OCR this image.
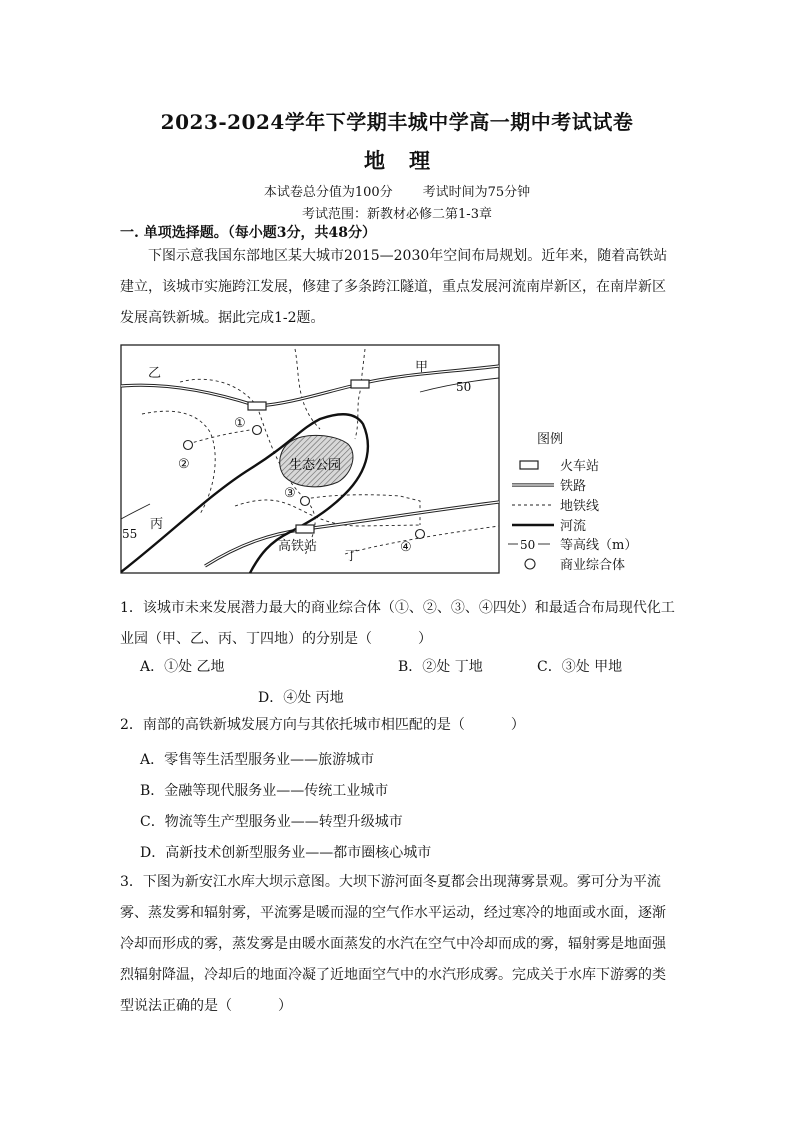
2023-2024学年下学期丰城中学高一期中考试试卷
地 理
本试卷总分值为100分 考试时间为75分钟
考试范围：新教材必修二第1-3章
一. 单项选择题。（每小题3分，共48分）
下图示意我国东部地区某大城市2015—2030年空间布局规划。近年来，随着高铁站建立，该城市实施跨江发展，修建了多条跨江隧道，重点发展河流南岸新区，在南岸新区发展高铁新城。据此完成1-2题。
生态公园
乙	甲
丙
丁
50
55
高铁站
①
②
③
④
图例
火车站
铁路
地铁线
河流
50 等高线（m）
商业综合体
1．该城市未来发展潜力最大的商业综合体（①、②、③、④四处）和最适合布局现代化工业园（甲、乙、丙、丁四地）的分别是（	）
A．①处 乙地	B．②处 丁地	C．③处 甲地
D．④处 丙地
2．南部的高铁新城发展方向与其依托城市相匹配的是（	）
A．零售等生活型服务业——旅游城市
B．金融等现代服务业——传统工业城市
C．物流等生产型服务业——转型升级城市
D．高新技术创新型服务业——都市圈核心城市
3．下图为新安江水库大坝示意图。大坝下游河面冬夏都会出现薄雾景观。雾可分为平流雾、蒸发雾和辐射雾，平流雾是暖而湿的空气作水平运动，经过寒冷的地面或水面，逐渐冷却而形成的雾，蒸发雾是由暖水面蒸发的水汽在空气中冷却而成的雾，辐射雾是地面强烈辐射降温，冷却后的地面冷凝了近地面空气中的水汽形成雾。完成关于水库下游雾的类型说法正确的是（	）
